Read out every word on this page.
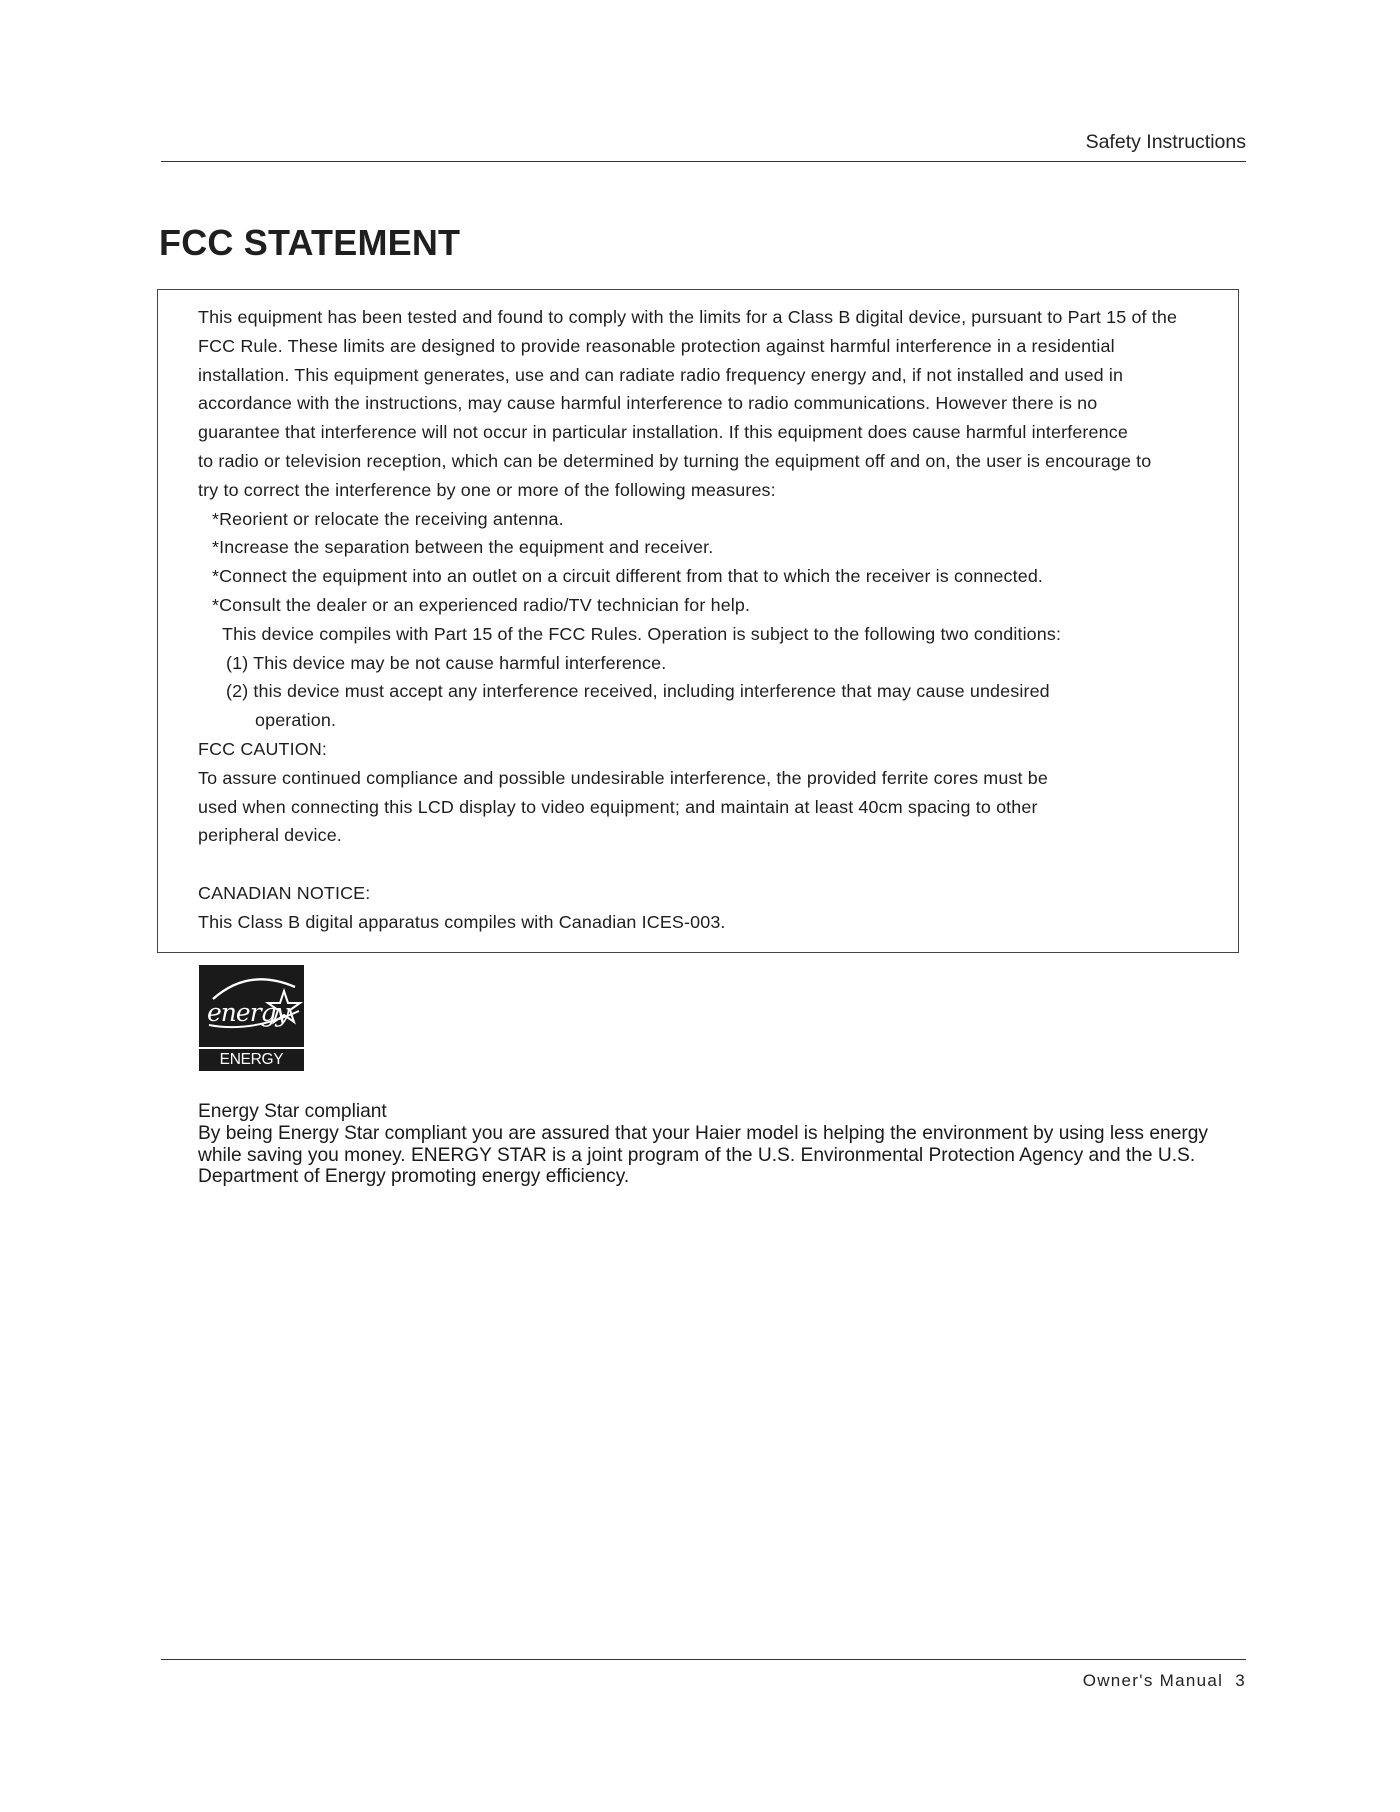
Safety Instructions
FCC STATEMENT
This equipment has been tested and found to comply with the limits for a Class B digital device, pursuant to Part 15 of the
FCC Rule. These limits are designed to provide reasonable protection against harmful interference in a residential
installation. This equipment generates, use and can radiate radio frequency energy and, if not installed and used in
accordance with the instructions, may cause harmful interference to radio communications. However there is no
guarantee that interference will not occur in particular installation. If this equipment does cause harmful interference
to radio or television reception, which can be determined by turning the equipment off and on, the user is encourage to
try to correct the interference by one or more of the following measures:
*Reorient or relocate the receiving antenna.
*Increase the separation between the equipment and receiver.
*Connect the equipment into an outlet on a circuit different from that to which the receiver is connected.
*Consult the dealer or an experienced radio/TV technician for help.
This device compiles with Part 15 of the FCC Rules. Operation is subject to the following two conditions:
(1) This device may be not cause harmful interference.
(2) this device must accept any interference received, including interference that may cause undesired
operation.
FCC CAUTION:
To assure continued compliance and possible undesirable interference, the provided ferrite cores must be
used when connecting this LCD display to video equipment; and maintain at least 40cm spacing to other
peripheral device.
CANADIAN NOTICE:
This Class B digital apparatus compiles with Canadian ICES-003.
energy
ENERGY STAR
Energy Star compliant
By being Energy Star compliant you are assured that your Haier model is helping the environment by using less energy while saving you money. ENERGY STAR is a joint program of the U.S. Environmental Protection Agency and the U.S. Department of Energy promoting energy efficiency.
Owner's Manual 3
